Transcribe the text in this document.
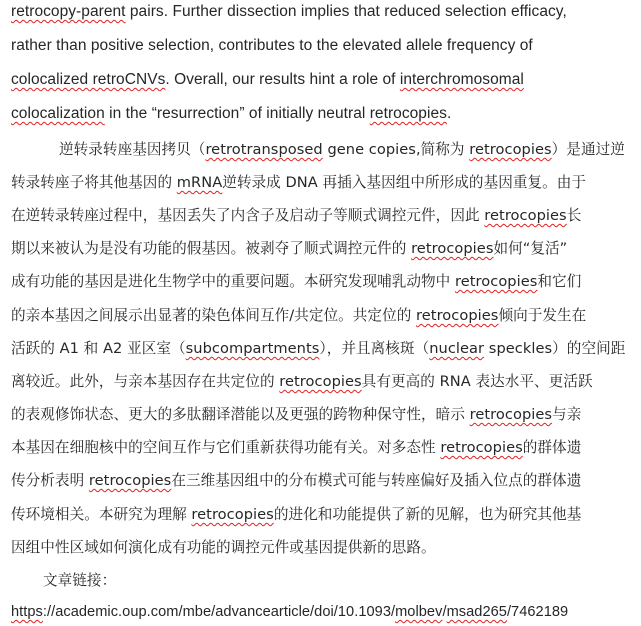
retrocopy-parent pairs. Further dissection implies that reduced selection efficacy,
rather than positive selection, contributes to the elevated allele frequency of
colocalized retroCNVs. Overall, our results hint a role of interchromosomal
colocalization in the “resurrection” of initially neutral retrocopies.
逆转录转座基因拷贝（retrotransposed gene copies,简称为 retrocopies）是通过逆
转录转座子将其他基因的 mRNA逆转录成 DNA 再插入基因组中所形成的基因重复。由于
在逆转录转座过程中，基因丢失了内含子及启动子等顺式调控元件，因此 retrocopies长
期以来被认为是没有功能的假基因。被剥夺了顺式调控元件的 retrocopies如何“复活”
成有功能的基因是进化生物学中的重要问题。本研究发现哺乳动物中 retrocopies和它们
的亲本基因之间展示出显著的染色体间互作/共定位。共定位的 retrocopies倾向于发生在
活跃的 A1 和 A2 亚区室（subcompartments），并且离核斑（nuclear speckles）的空间距
离较近。此外，与亲本基因存在共定位的 retrocopies具有更高的 RNA 表达水平、更活跃
的表观修饰状态、更大的多肽翻译潜能以及更强的跨物种保守性，暗示 retrocopies与亲
本基因在细胞核中的空间互作与它们重新获得功能有关。对多态性 retrocopies的群体遗
传分析表明 retrocopies在三维基因组中的分布模式可能与转座偏好及插入位点的群体遗
传环境相关。本研究为理解 retrocopies的进化和功能提供了新的见解，也为研究其他基
因组中性区域如何演化成有功能的调控元件或基因提供新的思路。
文章链接：
https://academic.oup.com/mbe/advancearticle/doi/10.1093/molbev/msad265/7462189
